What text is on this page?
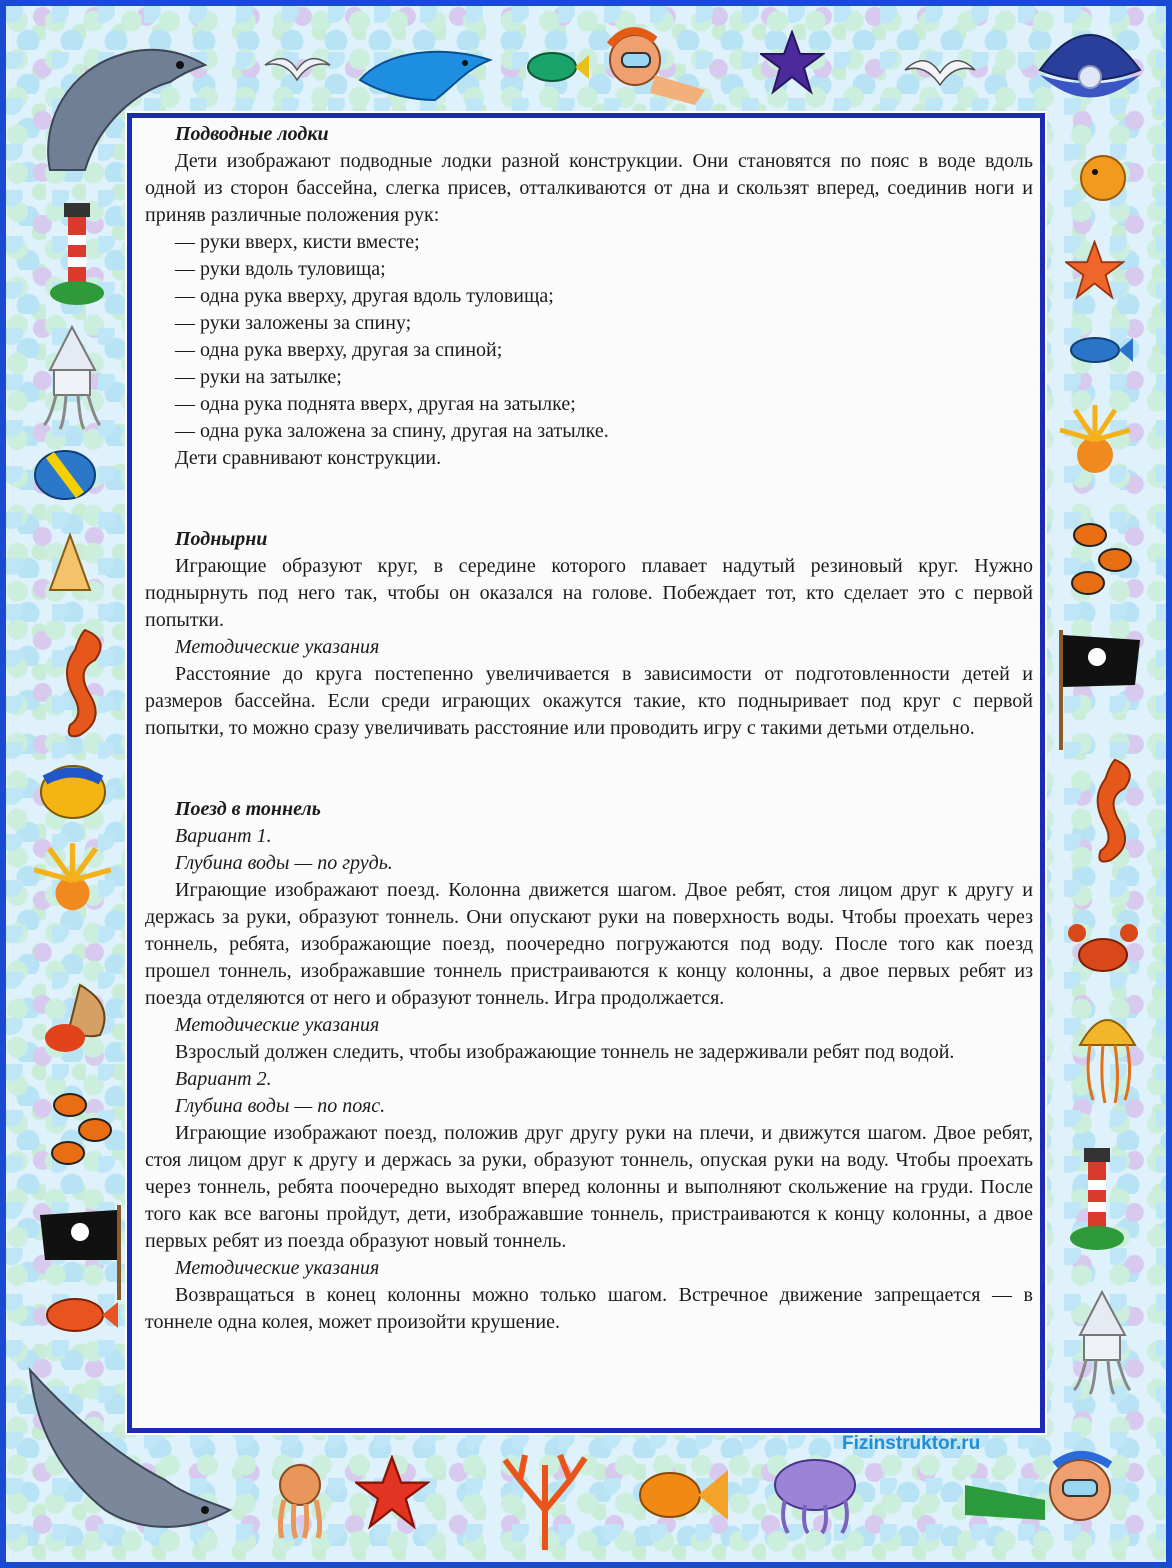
Подводные лодки

Дети изображают подводные лодки разной конструкции. Они становятся по пояс в воде вдоль одной из сторон бассейна, слегка присев, отталкиваются от дна и скользят вперед, соединив ноги и приняв различные положения рук:

— руки вверх, кисти вместе;

— руки вдоль туловища;

— одна рука вверху, другая вдоль туловища;

— руки заложены за спину;

— одна рука вверху, другая за спиной;

— руки на затылке;

— одна рука поднята вверх, другая на затылке;

— одна рука заложена за спину, другая на затылке.

Дети сравнивают конструкции.

Поднырни

Играющие образуют круг, в середине которого плавает надутый резиновый круг. Нужно поднырнуть под него так, чтобы он оказался на голове. Побеждает тот, кто сделает это с первой попытки.

Методические указания

Расстояние до круга постепенно увеличивается в зависимости от подготовленности детей и размеров бассейна. Если среди играющих окажутся такие, кто подныривает под круг с первой попытки, то можно сразу увеличивать расстояние или проводить игру с такими детьми отдельно.

Поезд в тоннель

Вариант 1.

Глубина воды — по грудь.

Играющие изображают поезд. Колонна движется шагом. Двое ребят, стоя лицом друг к другу и держась за руки, образуют тоннель. Они опускают руки на поверхность воды. Чтобы проехать через тоннель, ребята, изображающие поезд, поочередно погружаются под воду. После того как поезд прошел тоннель, изображавшие тоннель пристраиваются к концу колонны, а двое первых ребят из поезда отделяются от него и образуют тоннель. Игра продолжается.

Методические указания

Взрослый должен следить, чтобы изображающие тоннель не задерживали ребят под водой.

Вариант 2.

Глубина воды — по пояс.

Играющие изображают поезд, положив друг другу руки на плечи, и движутся шагом. Двое ребят, стоя лицом друг к другу и держась за руки, образуют тоннель, опуская руки на воду. Чтобы проехать через тоннель, ребята поочередно выходят вперед колонны и выполняют скольжение на груди. После того как все вагоны пройдут, дети, изображавшие тоннель, пристраиваются к концу колонны, а двое первых ребят из поезда образуют новый тоннель.

Методические указания

Возвращаться в конец колонны можно только шагом. Встречное движение запрещается — в тоннеле одна колея, может произойти крушение.

Fizinstruktor.ru
